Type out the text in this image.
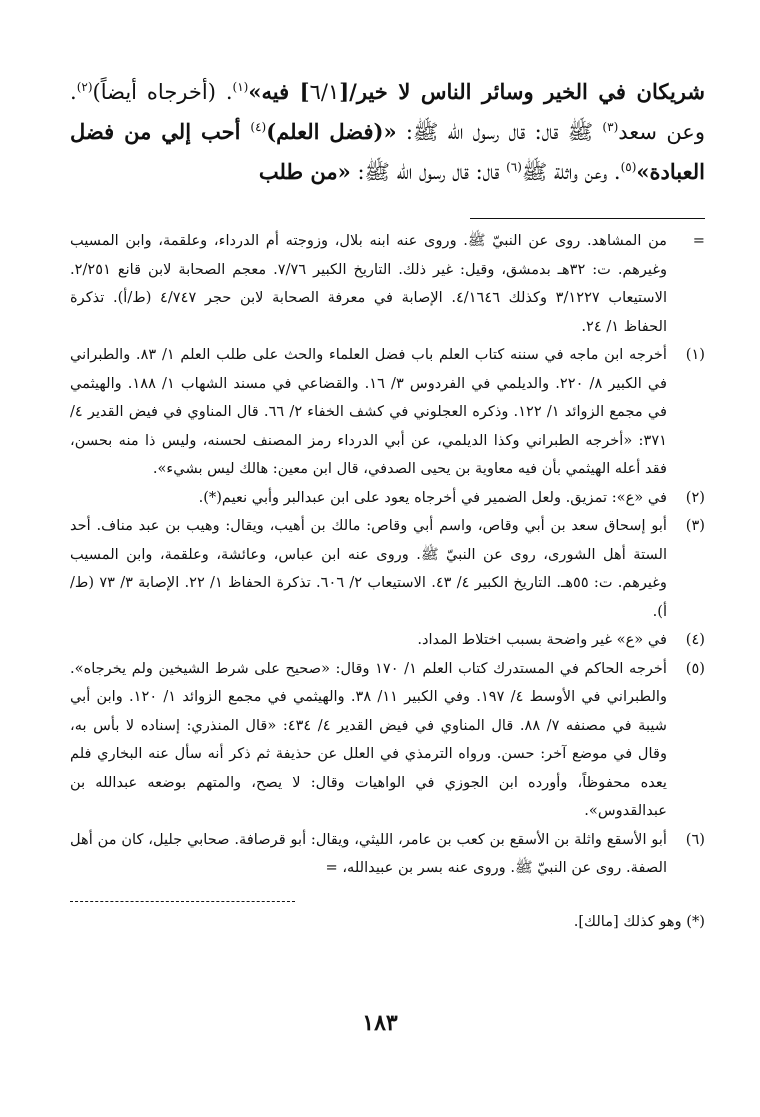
شريكان في الخير وسائر الناس لا خير/[٦/١] فيه»$^{(١)}$. (أخرجاه أيضاً)$^{(٢)}$. وعن سعد$^{(٣)}$ ﷺ قال: قال رسول الله ﷺ: «(فضل العلم)$^{(٤)}$ أحب إلي من فضل العبادة»$^{(٥)}$. وعن واثلة ﷺ$^{(٦)}$ قال: قال رسول الله ﷺ: «من طلب

=
من المشاهد. روى عن النبيّ ﷺ. وروى عنه ابنه بلال، وزوجته أم الدرداء، وعلقمة، وابن المسيب وغيرهم. ت: ٣٢هـ بدمشق، وقيل: غير ذلك. التاريخ الكبير ٧/٧٦. معجم الصحابة لابن قانع ٢/٢٥١. الاستيعاب ٣/١٢٢٧ وكذلك ٤/١٦٤٦. الإصابة في معرفة الصحابة لابن حجر ٤/٧٤٧ (ط/أ). تذكرة الحفاظ ١/ ٢٤.
(١)
أخرجه ابن ماجه في سننه كتاب العلم باب فضل العلماء والحث على طلب العلم ١/ ٨٣. والطبراني في الكبير ٨/ ٢٢٠. والديلمي في الفردوس ٣/ ١٦. والقضاعي في مسند الشهاب ١/ ١٨٨. والهيثمي في مجمع الزوائد ١/ ١٢٢. وذكره العجلوني في كشف الخفاء ٢/ ٦٦. قال المناوي في فيض القدير ٤/ ٣٧١: «أخرجه الطبراني وكذا الديلمي، عن أبي الدرداء رمز المصنف لحسنه، وليس ذا منه بحسن، فقد أعله الهيثمي بأن فيه معاوية بن يحيى الصدفي، قال ابن معين: هالك ليس بشيء».
(٢)
في «ع»: تمزيق. ولعل الضمير في أخرجاه يعود على ابن عبدالبر وأبي نعيم(*).
(٣)
أبو إسحاق سعد بن أبي وقاص، واسم أبي وقاص: مالك بن أهيب، ويقال: وهيب بن عبد مناف. أحد الستة أهل الشورى، روى عن النبيّ ﷺ. وروى عنه ابن عباس، وعائشة، وعلقمة، وابن المسيب وغيرهم. ت: ٥٥هـ. التاريخ الكبير ٤/ ٤٣. الاستيعاب ٢/ ٦٠٦. تذكرة الحفاظ ١/ ٢٢. الإصابة ٣/ ٧٣ (ط/أ).
(٤)
في «ع» غير واضحة بسبب اختلاط المداد.
(٥)
أخرجه الحاكم في المستدرك كتاب العلم ١/ ١٧٠ وقال: «صحيح على شرط الشيخين ولم يخرجاه». والطبراني في الأوسط ٤/ ١٩٧. وفي الكبير ١١/ ٣٨. والهيثمي في مجمع الزوائد ١/ ١٢٠. وابن أبي شيبة في مصنفه ٧/ ٨٨. قال المناوي في فيض القدير ٤/ ٤٣٤: «قال المنذري: إسناده لا بأس به، وقال في موضع آخر: حسن. ورواه الترمذي في العلل عن حذيفة ثم ذكر أنه سأل عنه البخاري فلم يعده محفوظاً، وأورده ابن الجوزي في الواهيات وقال: لا يصح، والمتهم بوضعه عبدالله بن عبدالقدوس».
(٦)
أبو الأسقع واثلة بن الأسقع بن كعب بن عامر، الليثي، ويقال: أبو قرصافة. صحابي جليل، كان من أهل الصفة. روى عن النبيّ ﷺ. وروى عنه بسر بن عبيدالله، =
(*) وهو كذلك [مالك].
١٨٣
